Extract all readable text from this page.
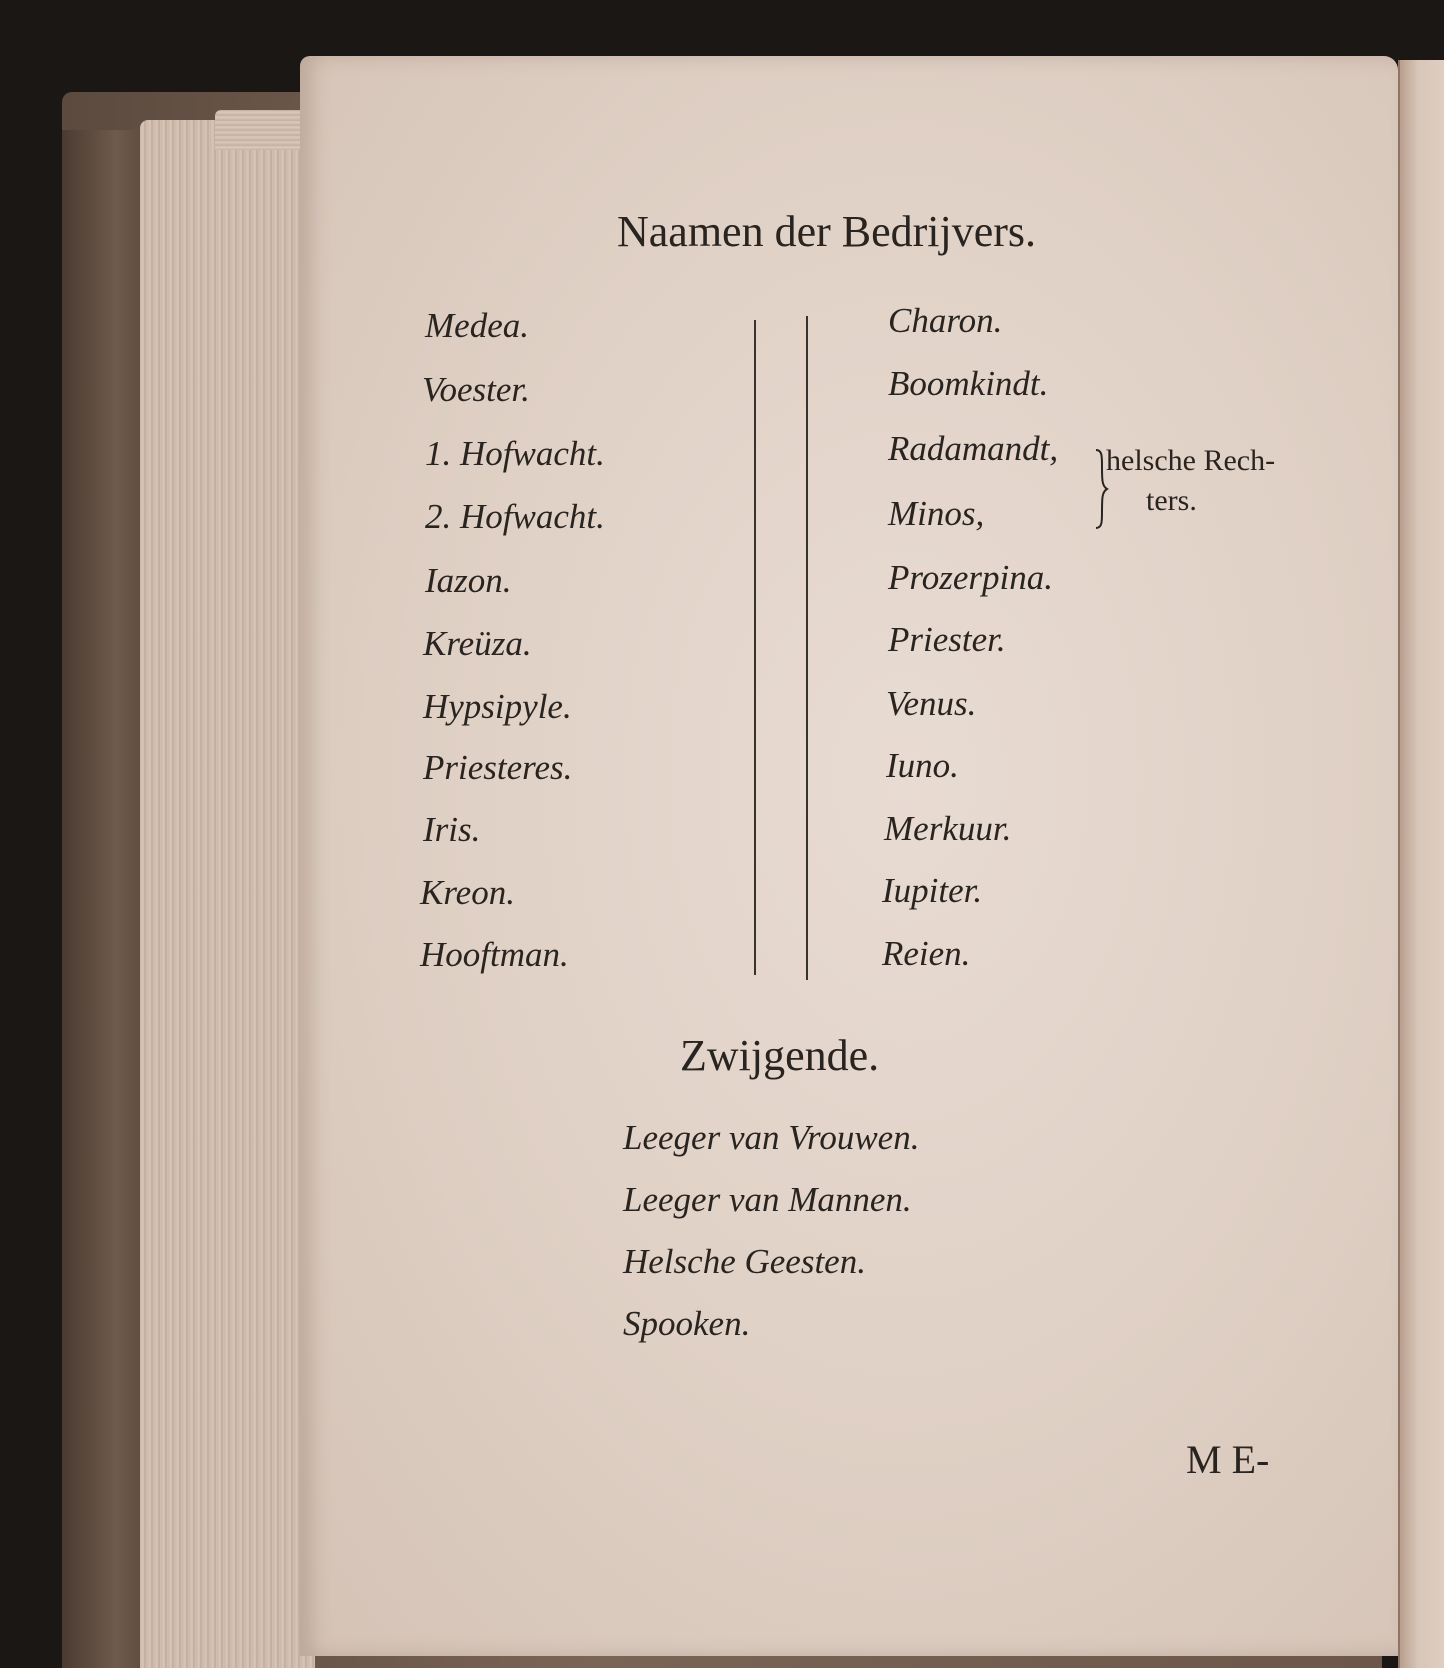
Naamen der Bedrijvers.
Medea.
Voester.
1. Hofwacht.
2. Hofwacht.
Iazon.
Kreüza.
Hypsipyle.
Priesteres.
Iris.
Kreon.
Hooftman.
Charon.
Boomkindt.
Radamandt,
Minos,
Prozerpina.
Priester.
Venus.
Iuno.
Merkuur.
Iupiter.
Reien.
helsche Rech-
ters.
Zwijgende.
Leeger van Vrouwen.
Leeger van Mannen.
Helsche Geesten.
Spooken.
M E-
